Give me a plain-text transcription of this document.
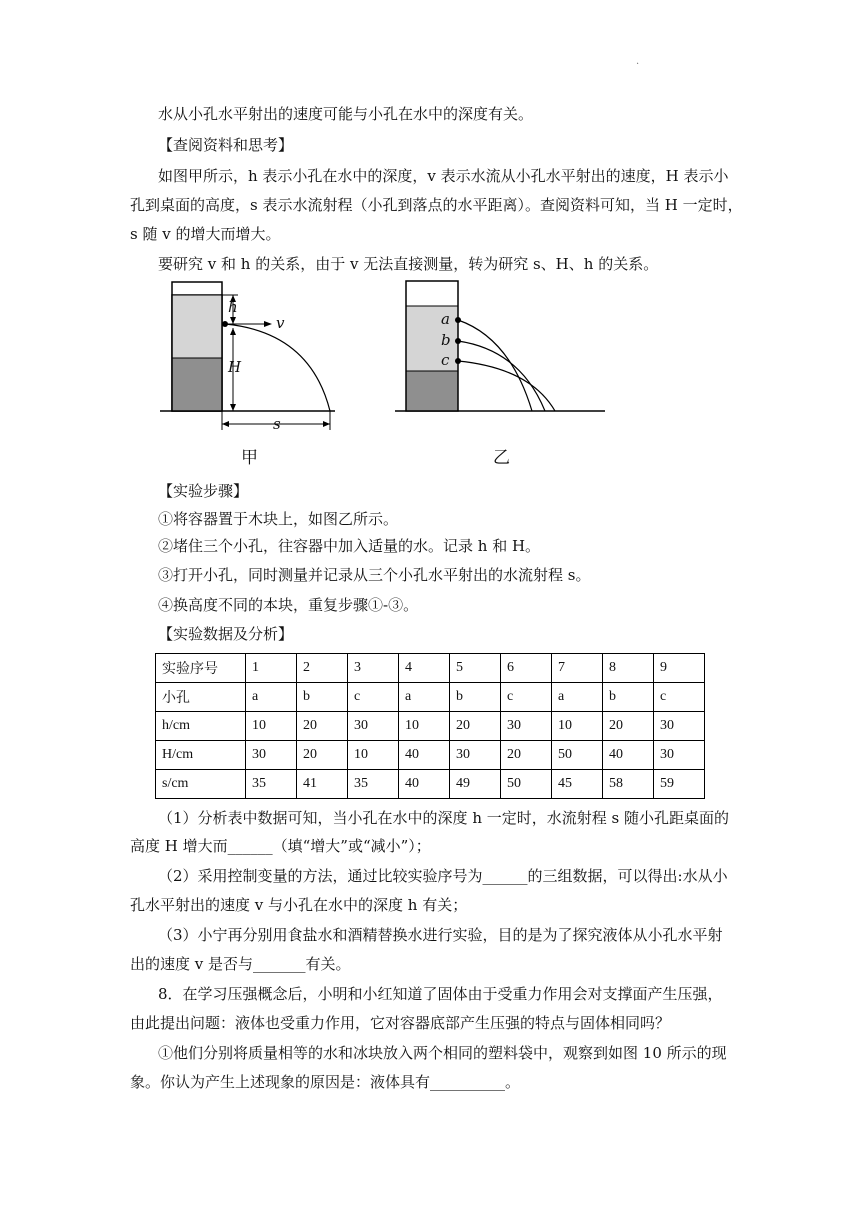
.
水从小孔水平射出的速度可能与小孔在水中的深度有关。
【查阅资料和思考】
如图甲所示，h 表示小孔在水中的深度，v 表示水流从小孔水平射出的速度，H 表示小
孔到桌面的高度，s 表示水流射程（小孔到落点的水平距离）。查阅资料可知，当 H 一定时，
s 随 v 的增大而增大。
要研究 v 和 h 的关系，由于 v 无法直接测量，转为研究 s、H、h 的关系。
h
v
H
s
a
b
c
甲	乙
【实验步骤】
①将容器置于木块上，如图乙所示。
②堵住三个小孔，往容器中加入适量的水。记录 h 和 H。
③打开小孔，同时测量并记录从三个小孔水平射出的水流射程 s。
④换高度不同的本块，重复步骤①-③。
【实验数据及分析】
实验序号	1	2	3	4	5	6	7	8	9
小孔	a	b	c	a	b	c	a	b	c
h/cm	10	20	30	10	20	30	10	20	30
H/cm	30	20	10	40	30	20	50	40	30
s/cm	35	41	35	40	49	50	45	58	59
（1）分析表中数据可知，当小孔在水中的深度 h 一定时，水流射程 s 随小孔距桌面的
高度 H 增大而______（填“增大”或“减小”）；
（2）采用控制变量的方法，通过比较实验序号为______的三组数据，可以得出:水从小
孔水平射出的速度 v 与小孔在水中的深度 h 有关；
（3）小宁再分别用食盐水和酒精替换水进行实验，目的是为了探究液体从小孔水平射
出的速度 v 是否与_______有关。
8．在学习压强概念后，小明和小红知道了固体由于受重力作用会对支撑面产生压强，
由此提出问题：液体也受重力作用，它对容器底部产生压强的特点与固体相同吗？
①他们分别将质量相等的水和冰块放入两个相同的塑料袋中，观察到如图 10 所示的现
象。你认为产生上述现象的原因是：液体具有__________。
